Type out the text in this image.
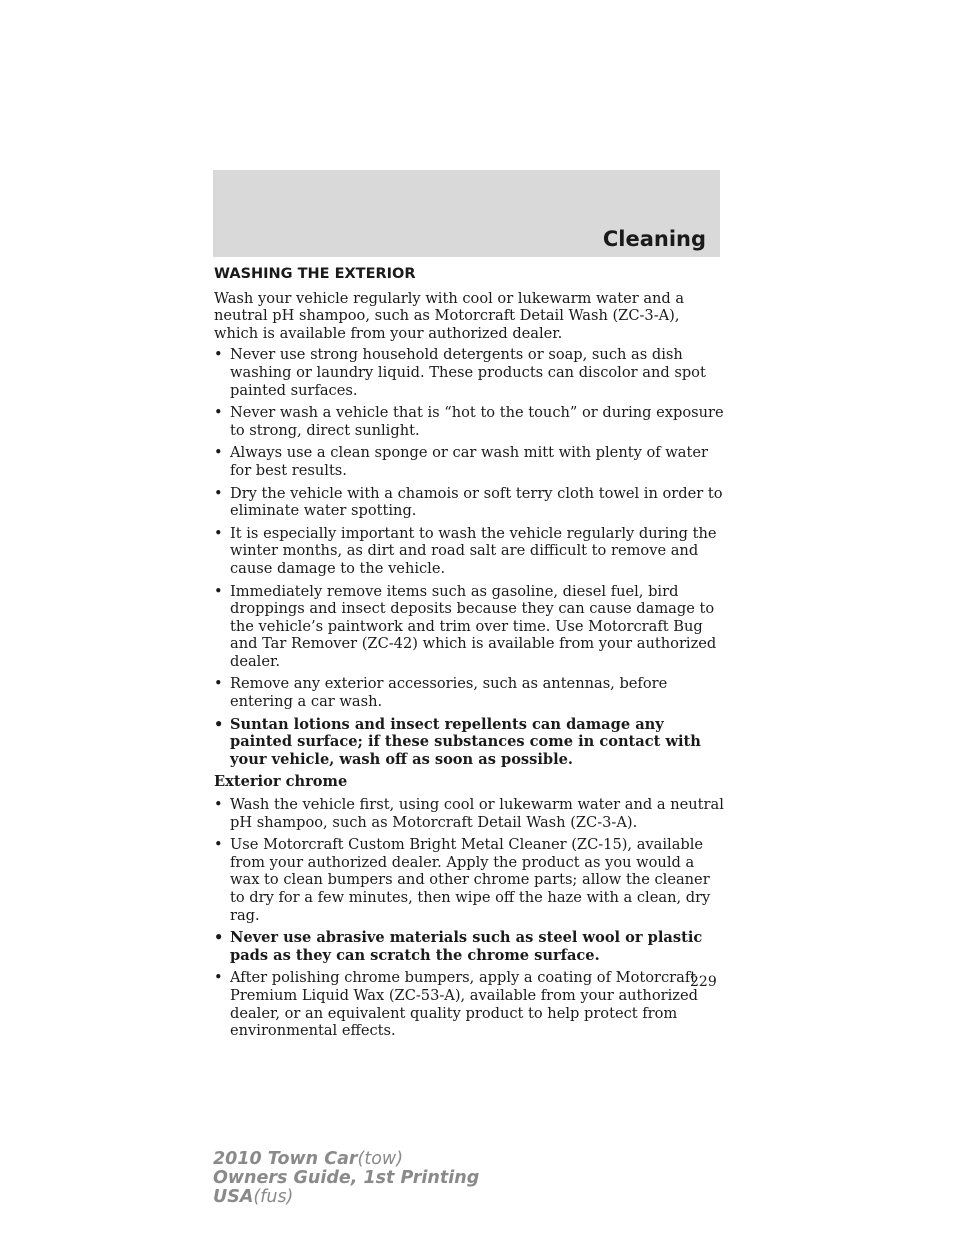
Cleaning
WASHING THE EXTERIOR

Wash your vehicle regularly with cool or lukewarm water and a neutral pH shampoo, such as Motorcraft Detail Wash (ZC-3-A), which is available from your authorized dealer.

• Never use strong household detergents or soap, such as dish washing or laundry liquid. These products can discolor and spot painted surfaces.
• Never wash a vehicle that is “hot to the touch” or during exposure to strong, direct sunlight.
• Always use a clean sponge or car wash mitt with plenty of water for best results.
• Dry the vehicle with a chamois or soft terry cloth towel in order to eliminate water spotting.
• It is especially important to wash the vehicle regularly during the winter months, as dirt and road salt are difficult to remove and cause damage to the vehicle.
• Immediately remove items such as gasoline, diesel fuel, bird droppings and insect deposits because they can cause damage to the vehicle’s paintwork and trim over time. Use Motorcraft Bug and Tar Remover (ZC-42) which is available from your authorized dealer.
• Remove any exterior accessories, such as antennas, before entering a car wash.
• Suntan lotions and insect repellents can damage any painted surface; if these substances come in contact with your vehicle, wash off as soon as possible.
Exterior chrome
• Wash the vehicle first, using cool or lukewarm water and a neutral pH shampoo, such as Motorcraft Detail Wash (ZC-3-A).
• Use Motorcraft Custom Bright Metal Cleaner (ZC-15), available from your authorized dealer. Apply the product as you would a wax to clean bumpers and other chrome parts; allow the cleaner to dry for a few minutes, then wipe off the haze with a clean, dry rag.
• Never use abrasive materials such as steel wool or plastic pads as they can scratch the chrome surface.
• After polishing chrome bumpers, apply a coating of Motorcraft Premium Liquid Wax (ZC-53-A), available from your authorized dealer, or an equivalent quality product to help protect from environmental effects.
229
2010 Town Car(tow)
Owners Guide, 1st Printing
USA(fus)
